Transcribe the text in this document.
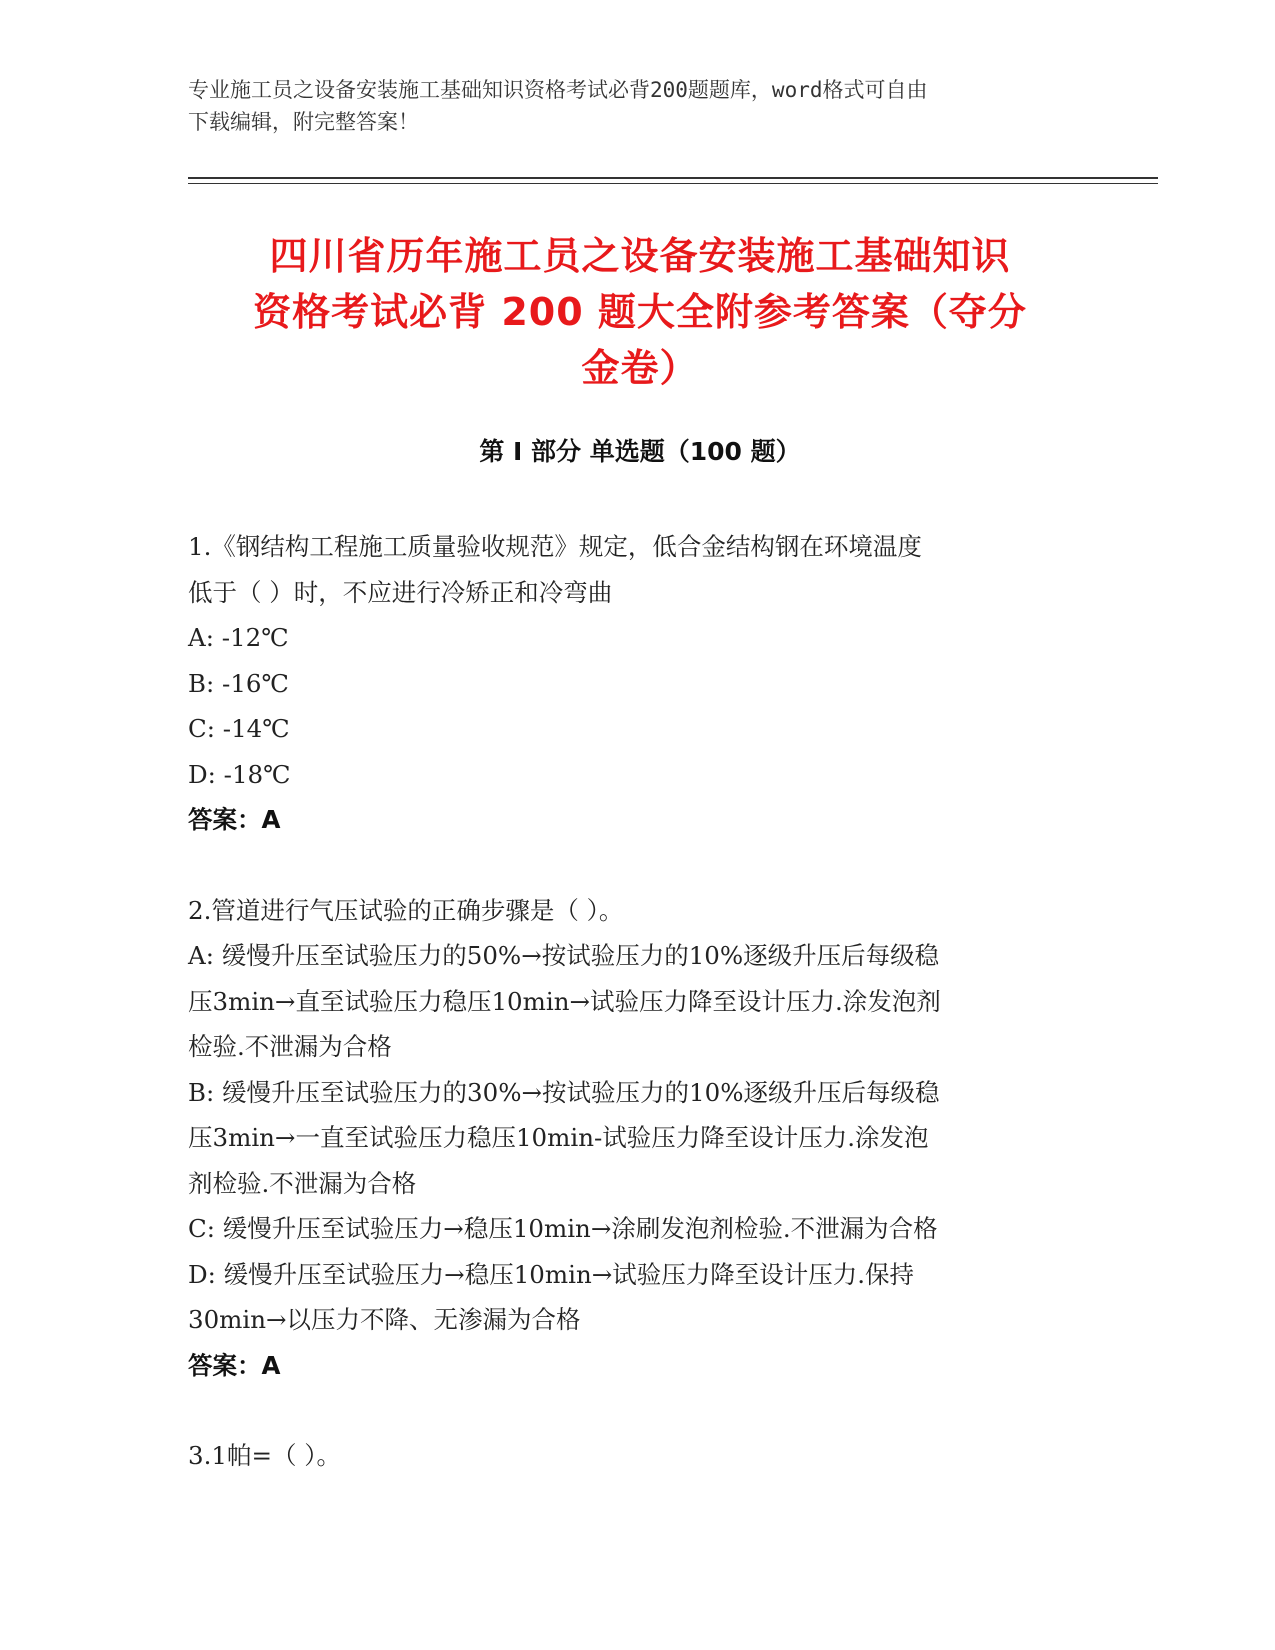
专业施工员之设备安装施工基础知识资格考试必背200题题库，word格式可自由
下载编辑，附完整答案！
四川省历年施工员之设备安装施工基础知识
资格考试必背 200 题大全附参考答案（夺分
金卷）
第 I 部分 单选题（100 题）
1.《钢结构工程施工质量验收规范》规定，低合金结构钢在环境温度
低于（ ）时，不应进行冷矫正和冷弯曲
A: -12℃
B: -16℃
C: -14℃
D: -18℃
答案：A
2.管道进行气压试验的正确步骤是（ ）。
A: 缓慢升压至试验压力的50%→按试验压力的10%逐级升压后每级稳
压3min→直至试验压力稳压10min→试验压力降至设计压力.涂发泡剂
检验.不泄漏为合格
B: 缓慢升压至试验压力的30%→按试验压力的10%逐级升压后每级稳
压3min→一直至试验压力稳压10min-试验压力降至设计压力.涂发泡
剂检验.不泄漏为合格
C: 缓慢升压至试验压力→稳压10min→涂刷发泡剂检验.不泄漏为合格
D: 缓慢升压至试验压力→稳压10min→试验压力降至设计压力.保持
30min→以压力不降、无渗漏为合格
答案：A
3.1帕=（ ）。
